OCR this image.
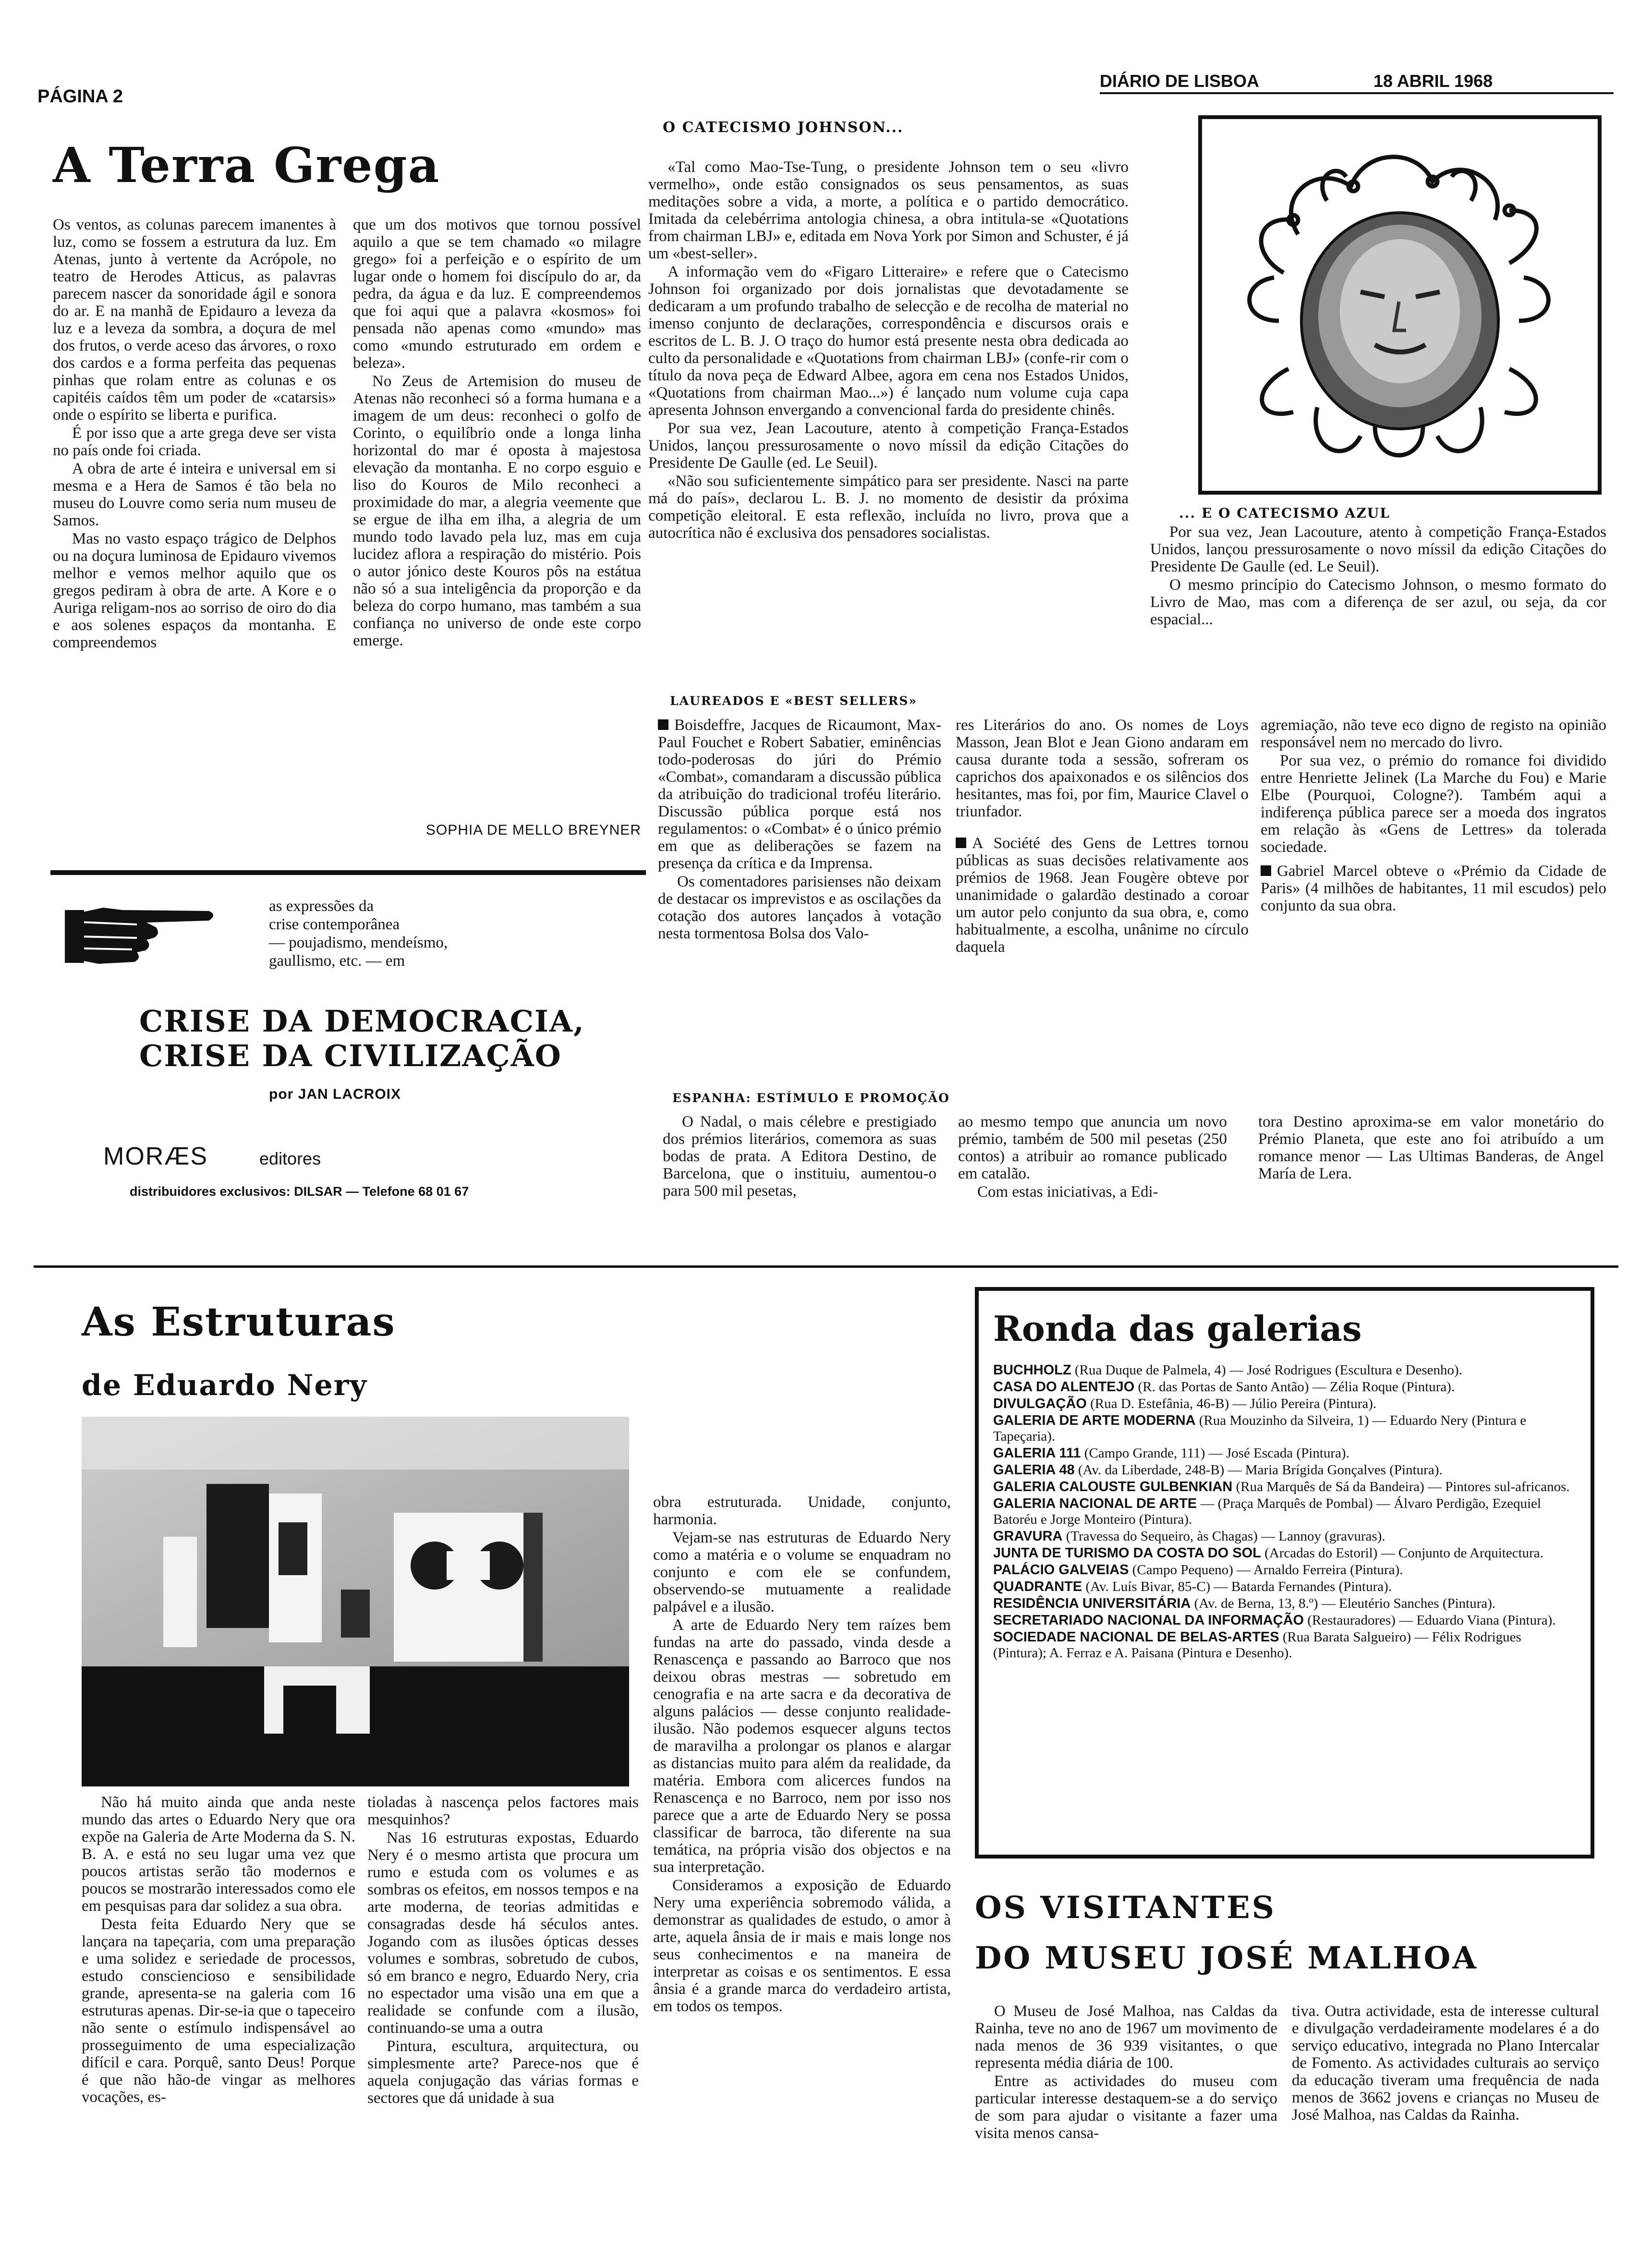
PÁGINA 2
DIÁRIO DE LISBOA	18 ABRIL 1968
A Terra Grega

Os ventos, as colunas parecem imanentes à luz, como se fossem a estrutura da luz. Em Atenas, junto à vertente da Acrópole, no teatro de Herodes Atticus, as palavras parecem nascer da sonoridade ágil e sonora do ar. E na manhã de Epidauro a leveza da luz e a leveza da sombra, a doçura de mel dos frutos, o verde aceso das árvores, o roxo dos cardos e a forma perfeita das pequenas pinhas que rolam entre as colunas e os capitéis caídos têm um poder de «catarsis» onde o espírito se liberta e purifica.

É por isso que a arte grega deve ser vista no país onde foi criada.

A obra de arte é inteira e universal em si mesma e a Hera de Samos é tão bela no museu do Louvre como seria num museu de Samos.

Mas no vasto espaço trágico de Delphos ou na doçura luminosa de Epidauro vivemos melhor e vemos melhor aquilo que os gregos pediram à obra de arte. A Kore e o Auriga religam-nos ao sorriso de oiro do dia e aos solenes espaços da montanha. E compreendemos

que um dos motivos que tornou possível aquilo a que se tem chamado «o milagre grego» foi a perfeição e o espírito de um lugar onde o homem foi discípulo do ar, da pedra, da água e da luz. E compreendemos que foi aqui que a palavra «kosmos» foi pensada não apenas como «mundo» mas como «mundo estruturado em ordem e beleza».

No Zeus de Artemision do museu de Atenas não reconheci só a forma humana e a imagem de um deus: reconheci o golfo de Corinto, o equilíbrio onde a longa linha horizontal do mar é oposta à majestosa elevação da montanha. E no corpo esguio e liso do Kouros de Milo reconheci a proximidade do mar, a alegria veemente que se ergue de ilha em ilha, a alegria de um mundo todo lavado pela luz, mas em cuja lucidez aflora a respiração do mistério. Pois o autor jónico deste Kouros pôs na estátua não só a sua inteligência da proporção e da beleza do corpo humano, mas também a sua confiança no universo de onde este corpo emerge.

SOPHIA DE MELLO BREYNER
O CATECISMO JOHNSON...

«Tal como Mao-Tse-Tung, o presidente Johnson tem o seu «livro vermelho», onde estão consignados os seus pensamentos, as suas meditações sobre a vida, a morte, a política e o partido democrático. Imitada da celebérrima antologia chinesa, a obra intitula-se «Quotations from chairman LBJ» e, editada em Nova York por Simon and Schuster, é já um «best-seller».

A informação vem do «Figaro Litteraire» e refere que o Catecismo Johnson foi organizado por dois jornalistas que devotadamente se dedicaram a um profundo trabalho de selecção e de recolha de material no imenso conjunto de declarações, correspondência e discursos orais e escritos de L. B. J. O traço do humor está presente nesta obra dedicada ao culto da personalidade e «Quotations from chairman LBJ» (confe-rir com o título da nova peça de Edward Albee, agora em cena nos Estados Unidos, «Quotations from chairman Mao...») é lançado num volume cuja capa apresenta Johnson envergando a convencional farda do presidente chinês.

Por sua vez, Jean Lacouture, atento à competição França-Estados Unidos, lançou pressurosamente o novo míssil da edição Citações do Presidente De Gaulle (ed. Le Seuil).

«Não sou suficientemente simpático para ser presidente. Nasci na parte má do país», declarou L. B. J. no momento de desistir da próxima competição eleitoral. E esta reflexão, incluída no livro, prova que a autocrítica não é exclusiva dos pensadores socialistas.

... E O CATECISMO AZUL

Por sua vez, Jean Lacouture, atento à competição França-Estados Unidos, lançou pressurosamente o novo míssil da edição Citações do Presidente De Gaulle (ed. Le Seuil).

O mesmo princípio do Catecismo Johnson, o mesmo formato do Livro de Mao, mas com a diferença de ser azul, ou seja, da cor espacial...

as expressões da
crise contemporânea
— poujadismo, mendeísmo,
gaullismo, etc. — em
CRISE DA DEMOCRACIA,
CRISE DA CIVILIZAÇÃO
por JAN LACROIX
MORÆS	editores
distribuidores exclusivos: DILSAR — Telefone 68 01 67
LAUREADOS E «BEST SELLERS»

Boisdeffre, Jacques de Ricaumont, Max-Paul Fouchet e Robert Sabatier, eminências todo-poderosas do júri do Prémio «Combat», comandaram a discussão pública da atribuição do tradicional troféu literário. Discussão pública porque está nos regulamentos: o «Combat» é o único prémio em que as deliberações se fazem na presença da crítica e da Imprensa.

Os comentadores parisienses não deixam de destacar os imprevistos e as oscilações da cotação dos autores lançados à votação nesta tormentosa Bolsa dos Valo-

res Literários do ano. Os nomes de Loys Masson, Jean Blot e Jean Giono andaram em causa durante toda a sessão, sofreram os caprichos dos apaixonados e os silêncios dos hesitantes, mas foi, por fim, Maurice Clavel o triunfador.

A Société des Gens de Lettres tornou públicas as suas decisões relativamente aos prémios de 1968. Jean Fougère obteve por unanimidade o galardão destinado a coroar um autor pelo conjunto da sua obra, e, como habitualmente, a escolha, unânime no círculo daquela

agremiação, não teve eco digno de registo na opinião responsável nem no mercado do livro.

Por sua vez, o prémio do romance foi dividido entre Henriette Jelinek (La Marche du Fou) e Marie Elbe (Pourquoi, Cologne?). Também aqui a indiferença pública parece ser a moeda dos ingratos em relação às «Gens de Lettres» da tolerada sociedade.

Gabriel Marcel obteve o «Prémio da Cidade de Paris» (4 milhões de habitantes, 11 mil escudos) pelo conjunto da sua obra.

ESPANHA: ESTÍMULO E PROMOÇÃO

O Nadal, o mais célebre e prestigiado dos prémios literários, comemora as suas bodas de prata. A Editora Destino, de Barcelona, que o instituiu, aumentou-o para 500 mil pesetas,

ao mesmo tempo que anuncia um novo prémio, também de 500 mil pesetas (250 contos) a atribuir ao romance publicado em catalão.

Com estas iniciativas, a Edi-

tora Destino aproxima-se em valor monetário do Prémio Planeta, que este ano foi atribuído a um romance menor — Las Ultimas Banderas, de Angel María de Lera.

As Estruturas
de Eduardo Nery

Não há muito ainda que anda neste mundo das artes o Eduardo Nery que ora expõe na Galeria de Arte Moderna da S. N. B. A. e está no seu lugar uma vez que poucos artistas serão tão modernos e poucos se mostrarão interessados como ele em pesquisas para dar solidez a sua obra.

Desta feita Eduardo Nery que se lançara na tapeçaria, com uma preparação e uma solidez e seriedade de processos, estudo consciencioso e sensibilidade grande, apresenta-se na galeria com 16 estruturas apenas. Dir-se-ia que o tapeceiro não sente o estímulo indispensável ao prosseguimento de uma especialização difícil e cara. Porquê, santo Deus! Porque é que não hão-de vingar as melhores vocações, es-

tioladas à nascença pelos factores mais mesquinhos?

Nas 16 estruturas expostas, Eduardo Nery é o mesmo artista que procura um rumo e estuda com os volumes e as sombras os efeitos, em nossos tempos e na arte moderna, de teorias admitidas e consagradas desde há séculos antes. Jogando com as ilusões ópticas desses volumes e sombras, sobretudo de cubos, só em branco e negro, Eduardo Nery, cria no espectador uma visão una em que a realidade se confunde com a ilusão, continuando-se uma a outra

Pintura, escultura, arquitectura, ou simplesmente arte? Parece-nos que é aquela conjugação das várias formas e sectores que dá unidade à sua

obra estruturada. Unidade, conjunto, harmonia.

Vejam-se nas estruturas de Eduardo Nery como a matéria e o volume se enquadram no conjunto e com ele se confundem, observendo-se mutuamente a realidade palpável e a ilusão.

A arte de Eduardo Nery tem raízes bem fundas na arte do passado, vinda desde a Renascença e passando ao Barroco que nos deixou obras mestras — sobretudo em cenografia e na arte sacra e da decorativa de alguns palácios — desse conjunto realidade-ilusão. Não podemos esquecer alguns tectos de maravilha a prolongar os planos e alargar as distancias muito para além da realidade, da matéria. Embora com alicerces fundos na Renascença e no Barroco, nem por isso nos parece que a arte de Eduardo Nery se possa classificar de barroca, tão diferente na sua temática, na própria visão dos objectos e na sua interpretação.

Consideramos a exposição de Eduardo Nery uma experiência sobremodo válida, a demonstrar as qualidades de estudo, o amor à arte, aquela ânsia de ir mais e mais longe nos seus conhecimentos e na maneira de interpretar as coisas e os sentimentos. E essa ânsia é a grande marca do verdadeiro artista, em todos os tempos.

Ronda das galerias

BUCHHOLZ (Rua Duque de Palmela, 4) — José Rodrigues (Escultura e Desenho).

CASA DO ALENTEJO (R. das Portas de Santo Antão) — Zélia Roque (Pintura).

DIVULGAÇÃO (Rua D. Estefânia, 46-B) — Júlio Pereira (Pintura).

GALERIA DE ARTE MODERNA (Rua Mouzinho da Silveira, 1) — Eduardo Nery (Pintura e Tapeçaria).

GALERIA 111 (Campo Grande, 111) — José Escada (Pintura).

GALERIA 48 (Av. da Liberdade, 248-B) — Maria Brígida Gonçalves (Pintura).

GALERIA CALOUSTE GULBENKIAN (Rua Marquês de Sá da Bandeira) — Pintores sul-africanos.

GALERIA NACIONAL DE ARTE — (Praça Marquês de Pombal) — Álvaro Perdigão, Ezequiel Batoréu e Jorge Monteiro (Pintura).

GRAVURA (Travessa do Sequeiro, às Chagas) — Lannoy (gravuras).

JUNTA DE TURISMO DA COSTA DO SOL (Arcadas do Estoril) — Conjunto de Arquitectura.

PALÁCIO GALVEIAS (Campo Pequeno) — Arnaldo Ferreira (Pintura).

QUADRANTE (Av. Luís Bivar, 85-C) — Batarda Fernandes (Pintura).

RESIDÊNCIA UNIVERSITÁRIA (Av. de Berna, 13, 8.º) — Eleutério Sanches (Pintura).

SECRETARIADO NACIONAL DA INFORMAÇÃO (Restauradores) — Eduardo Viana (Pintura).

SOCIEDADE NACIONAL DE BELAS-ARTES (Rua Barata Salgueiro) — Félix Rodrigues (Pintura); A. Ferraz e A. Paisana (Pintura e Desenho).

OS VISITANTES
DO MUSEU JOSÉ MALHOA

O Museu de José Malhoa, nas Caldas da Rainha, teve no ano de 1967 um movimento de nada menos de 36 939 visitantes, o que representa média diária de 100.

Entre as actividades do museu com particular interesse destaquem-se a do serviço de som para ajudar o visitante a fazer uma visita menos cansa-

tiva. Outra actividade, esta de interesse cultural e divulgação verdadeiramente modelares é a do serviço educativo, integrada no Plano Intercalar de Fomento. As actividades culturais ao serviço da educação tiveram uma frequência de nada menos de 3662 jovens e crianças no Museu de José Malhoa, nas Caldas da Rainha.
